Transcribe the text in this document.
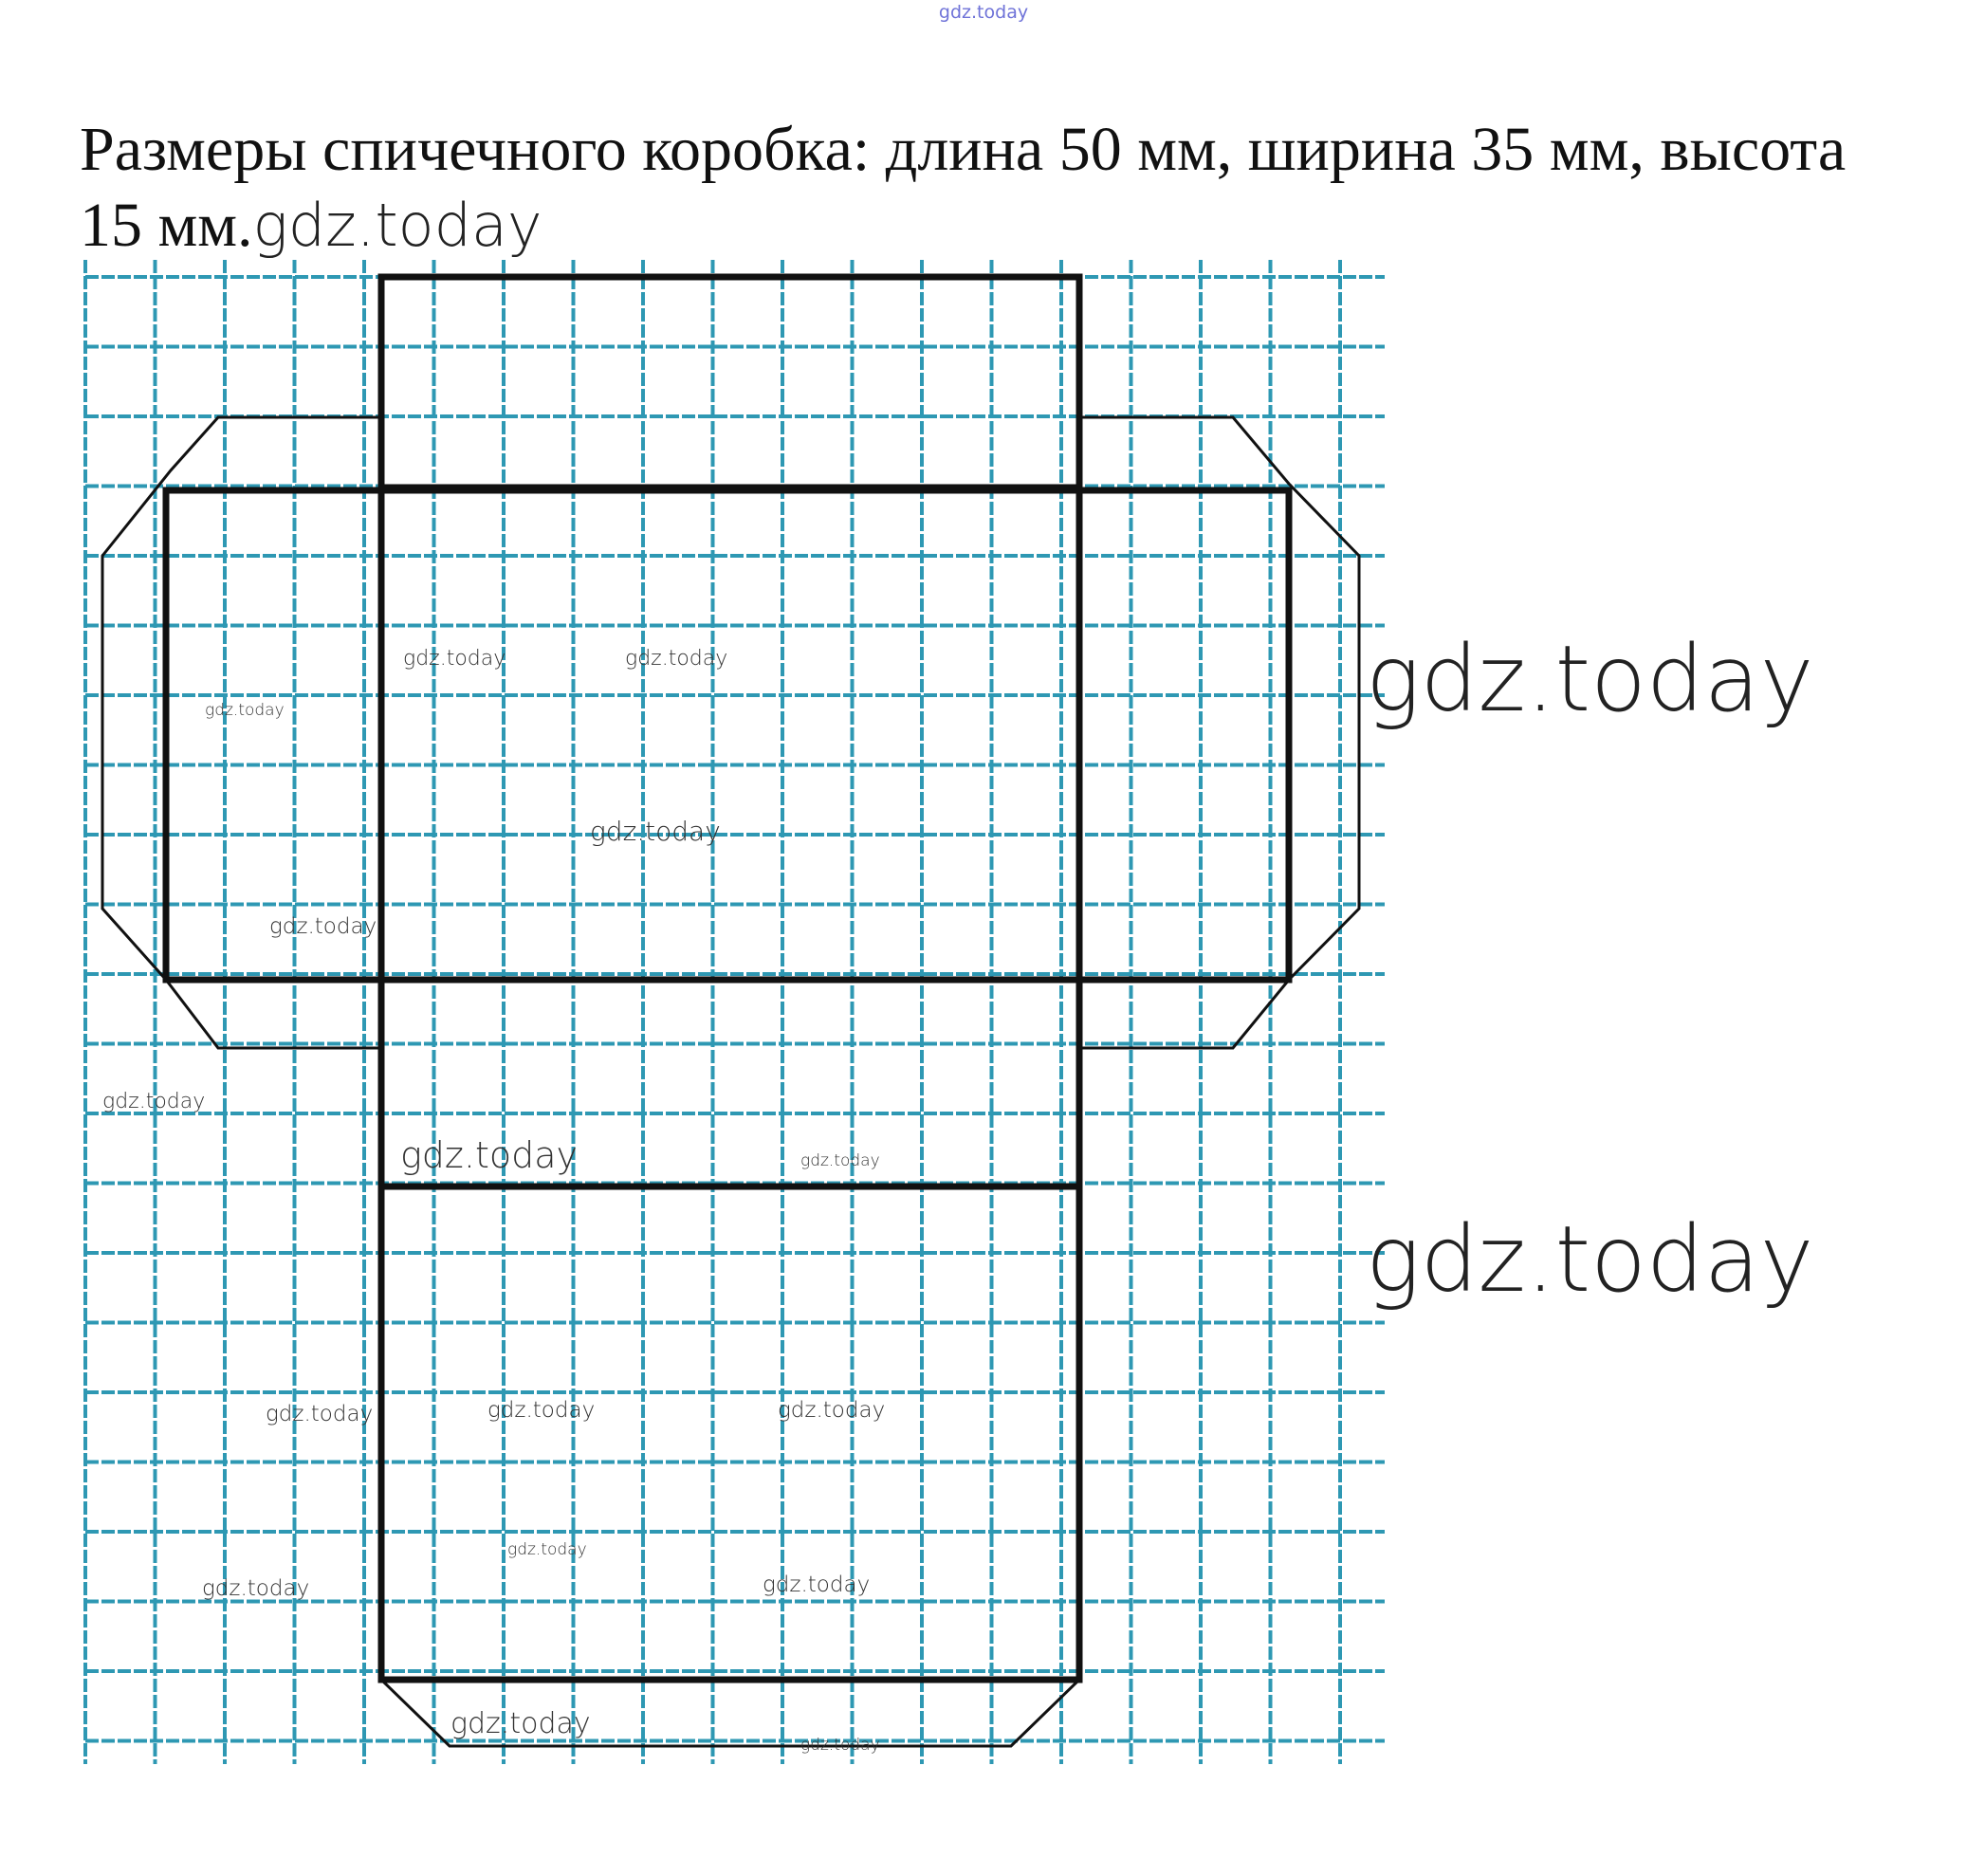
gdz.today
Размеры спичечного коробка: длина 50 мм, ширина 35 мм, высота
15 мм.gdz.today
gdz.today
gdz.today
gdz.today	gdz.today
gdz.today
gdz.today
gdz.today
gdz.today
gdz.today	gdz.today
gdz.today	gdz.today	gdz.today
gdz.today
gdz.today	gdz.today
gdz.today
gdz.today
